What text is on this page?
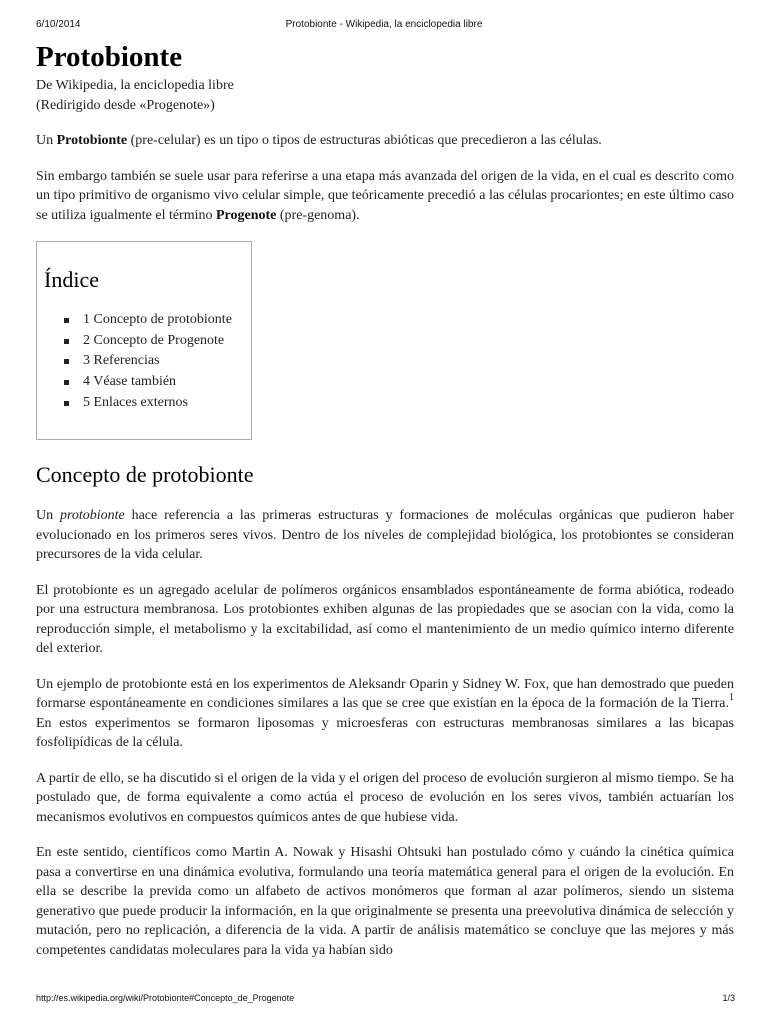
6/10/2014	Protobionte - Wikipedia, la enciclopedia libre
Protobionte
De Wikipedia, la enciclopedia libre
(Redirigido desde «Progenote»)

Un Protobionte (pre-celular) es un tipo o tipos de estructuras abióticas que precedieron a las células.

Sin embargo también se suele usar para referirse a una etapa más avanzada del origen de la vida, en el cual es descrito como un tipo primitivo de organismo vivo celular simple, que teóricamente precedió a las células procariontes; en este último caso se utiliza igualmente el término Progenote (pre-genoma).

Índice
1 Concepto de protobionte
2 Concepto de Progenote
3 Referencias
4 Véase también
5 Enlaces externos
Concepto de protobionte

Un protobionte hace referencia a las primeras estructuras y formaciones de moléculas orgánicas que pudieron haber evolucionado en los primeros seres vivos. Dentro de los niveles de complejidad biológica, los protobiontes se consideran precursores de la vida celular.

El protobionte es un agregado acelular de polímeros orgánicos ensamblados espontáneamente de forma abiótica, rodeado por una estructura membranosa. Los protobiontes exhiben algunas de las propiedades que se asocian con la vida, como la reproducción simple, el metabolismo y la excitabilidad, así como el mantenimiento de un medio químico interno diferente del exterior.

Un ejemplo de protobionte está en los experimentos de Aleksandr Oparin y Sidney W. Fox, que han demostrado que pueden formarse espontáneamente en condiciones similares a las que se cree que existían en la época de la formación de la Tierra.$^1$ En estos experimentos se formaron liposomas y microesferas con estructuras membranosas similares a las bicapas fosfolipídicas de la célula.

A partir de ello, se ha discutido si el origen de la vida y el origen del proceso de evolución surgieron al mismo tiempo. Se ha postulado que, de forma equivalente a como actúa el proceso de evolución en los seres vivos, también actuarían los mecanismos evolutivos en compuestos químicos antes de que hubiese vida.

En este sentido, científicos como Martin A. Nowak y Hisashi Ohtsuki han postulado cómo y cuándo la cinética química pasa a convertirse en una dinámica evolutiva, formulando una teoría matemática general para el origen de la evolución. En ella se describe la previda como un alfabeto de activos monómeros que forman al azar polímeros, siendo un sistema generativo que puede producir la información, en la que originalmente se presenta una preevolutiva dinámica de selección y mutación, pero no replicación, a diferencia de la vida. A partir de análisis matemático se concluye que las mejores y más competentes candidatas moleculares para la vida ya habían sido

http://es.wikipedia.org/wiki/Protobionte#Concepto_de_Progenote	1/3
